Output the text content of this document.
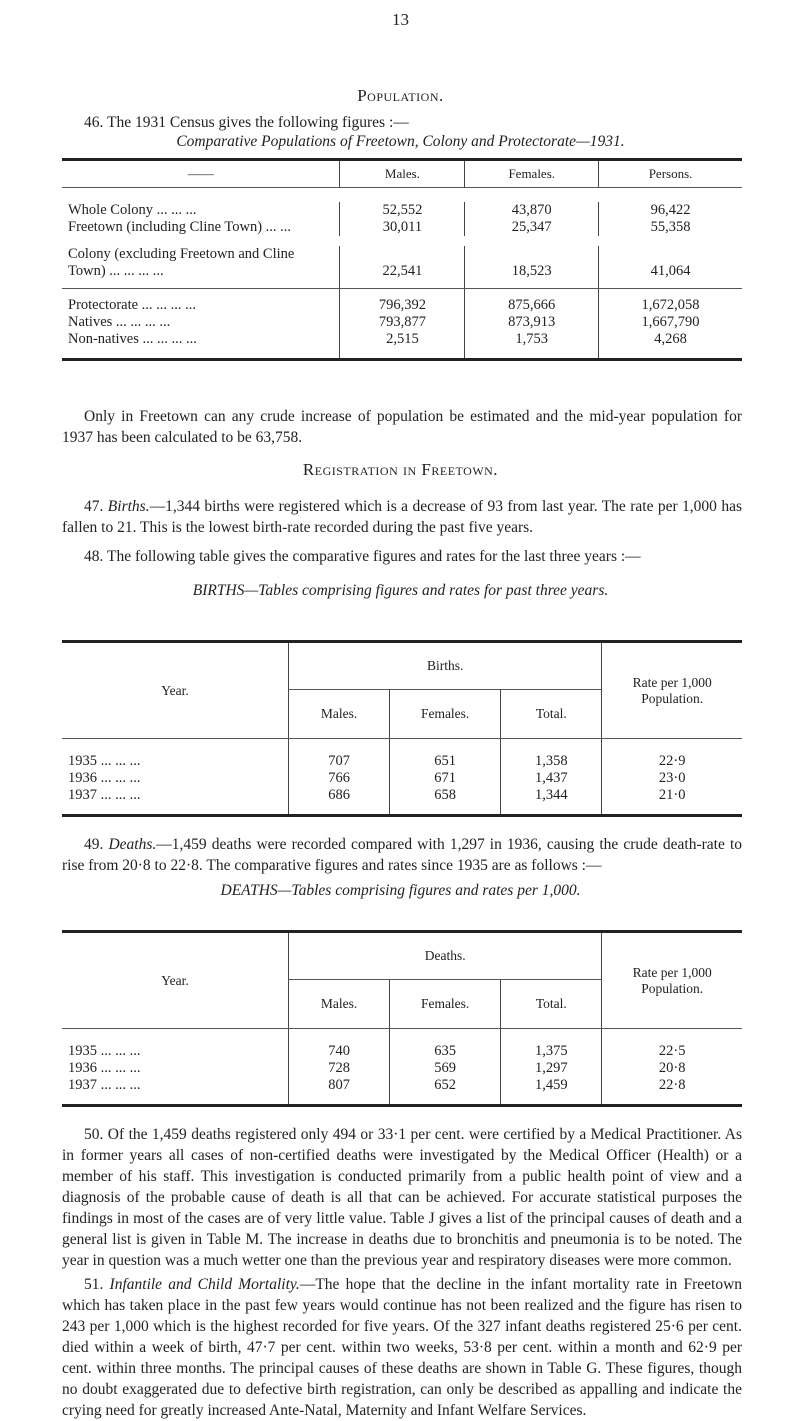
13
Population.
46. The 1931 Census gives the following figures :—
Comparative Populations of Freetown, Colony and Protectorate—1931.
——	Males.	Females.	Persons.

Whole Colony ... ... ...	52,552	43,870	96,422
Freetown (including Cline Town) ... ...	30,011	25,347	55,358

Colony (excluding Freetown and Cline			
Town) ... ... ... ...	22,541	18,523	41,064
Protectorate ... ... ... ...	796,392	875,666	1,672,058
Natives ... ... ... ...	793,877	873,913	1,667,790
Non-natives ... ... ... ...	2,515	1,753	4,268
Only in Freetown can any crude increase of population be estimated and the mid-year population for 1937 has been calculated to be 63,758.
Registration in Freetown.
47. Births.—1,344 births were registered which is a decrease of 93 from last year. The rate per 1,000 has fallen to 21. This is the lowest birth-rate recorded during the past five years.
48. The following table gives the comparative figures and rates for the last three years :—
BIRTHS—Tables comprising figures and rates for past three years.
Year.	Births.			Rate per 1,000 Population.
	Males.	Females.	Total.	

1935 ... ... ...	707	651	1,358	22·9
1936 ... ... ...	766	671	1,437	23·0
1937 ... ... ...	686	658	1,344	21·0
49. Deaths.—1,459 deaths were recorded compared with 1,297 in 1936, causing the crude death-rate to rise from 20·8 to 22·8. The comparative figures and rates since 1935 are as follows :—
DEATHS—Tables comprising figures and rates per 1,000.
Year.	Deaths.			Rate per 1,000 Population.
	Males.	Females.	Total.	

1935 ... ... ...	740	635	1,375	22·5
1936 ... ... ...	728	569	1,297	20·8
1937 ... ... ...	807	652	1,459	22·8
50. Of the 1,459 deaths registered only 494 or 33·1 per cent. were certified by a Medical Practitioner. As in former years all cases of non-certified deaths were investigated by the Medical Officer (Health) or a member of his staff. This investigation is conducted primarily from a public health point of view and a diagnosis of the probable cause of death is all that can be achieved. For accurate statistical purposes the findings in most of the cases are of very little value. Table J gives a list of the principal causes of death and a general list is given in Table M. The increase in deaths due to bronchitis and pneumonia is to be noted. The year in question was a much wetter one than the previous year and respiratory diseases were more common.
51. Infantile and Child Mortality.—The hope that the decline in the infant mortality rate in Freetown which has taken place in the past few years would continue has not been realized and the figure has risen to 243 per 1,000 which is the highest recorded for five years. Of the 327 infant deaths registered 25·6 per cent. died within a week of birth, 47·7 per cent. within two weeks, 53·8 per cent. within a month and 62·9 per cent. within three months. The principal causes of these deaths are shown in Table G. These figures, though no doubt exaggerated due to defective birth registration, can only be described as appalling and indicate the crying need for greatly increased Ante-Natal, Maternity and Infant Welfare Services.
